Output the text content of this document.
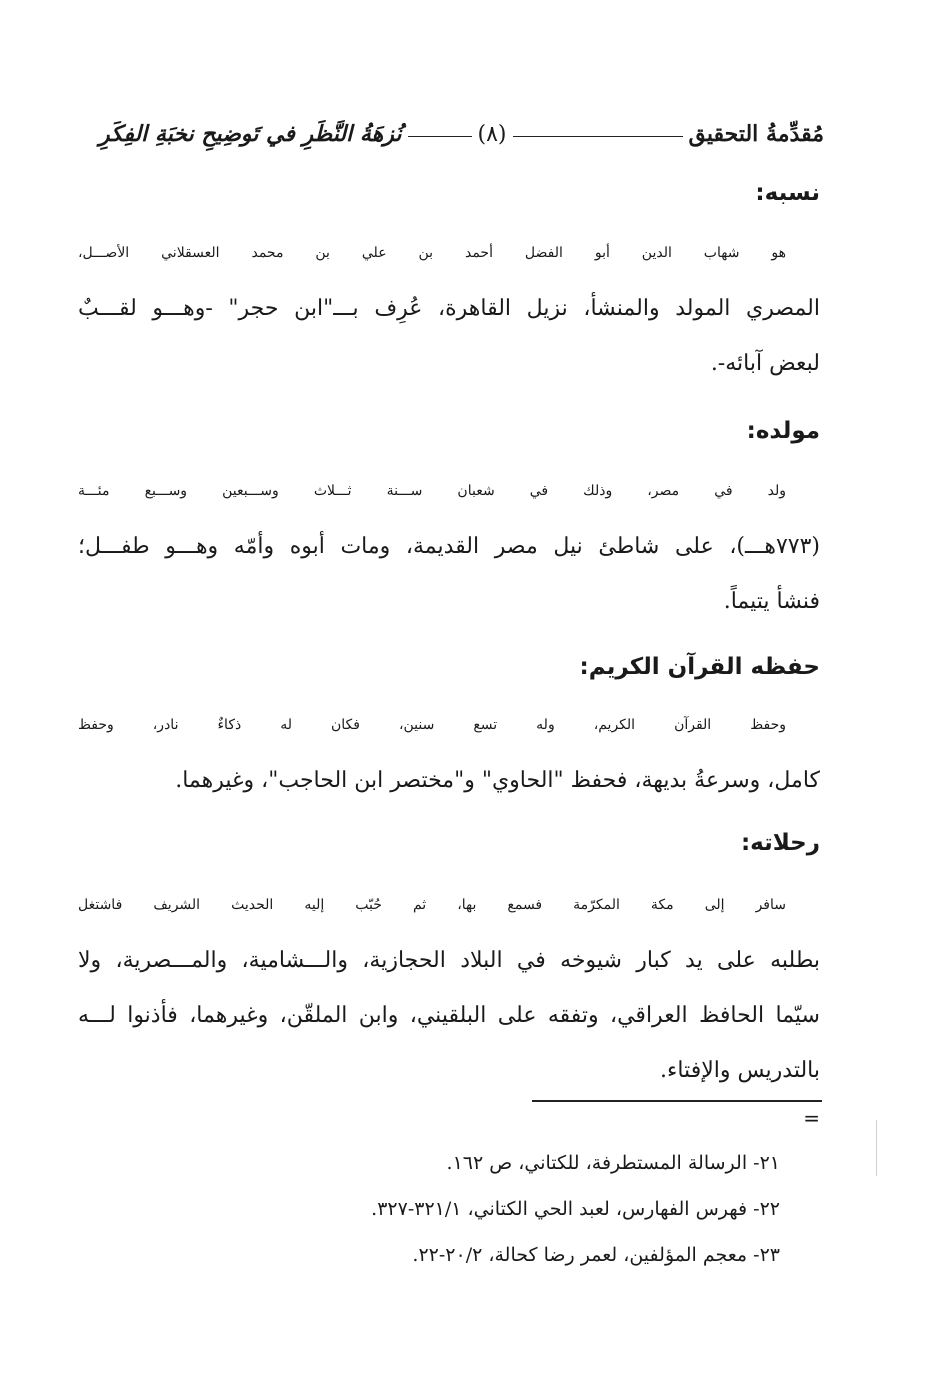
مُقدِّمةُ التحقيق
(٨)
نُزهَةُ النَّظَرِ في تَوضِيحِ نخبَةِ الفِكَرِ
نسبه:
هو شهاب الدين أبو الفضل أحمد بن علي بن محمد العسقلاني الأصـــل،
المصري المولد والمنشأ، نزيل القاهرة، عُرِف بـــ"ابن حجر" -وهـــو لقـــبٌ
لبعض آبائه-.
مولده:
ولد في مصر، وذلك في شعبان ســـنة ثـــلاث وســـبعين وســـبع مئـــة
(٧٧٣هـــ)، على شاطئ نيل مصر القديمة، ومات أبوه وأمّه وهـــو طفـــل؛
فنشأ يتيماً.
حفظه القرآن الكريم:
وحفظ القرآن الكريم، وله تسع سنين، فكان له ذكاءٌ نادر، وحفظ
كامل، وسرعةُ بديهة، فحفظ "الحاوي" و"مختصر ابن الحاجب"، وغيرهما.
رحلاته:
سافر إلى مكة المكرّمة فسمع بها، ثم حُبّب إليه الحديث الشريف فاشتغل
بطلبه على يد كبار شيوخه في البلاد الحجازية، والـــشامية، والمـــصرية، ولا
سيّما الحافظ العراقي، وتفقه على البلقيني، وابن الملقّن، وغيرهما، فأذنوا لـــه
بالتدريس والإفتاء.
=
٢١- الرسالة المستطرفة، للكتاني، ص ١٦٢.
٢٢- فهرس الفهارس، لعبد الحي الكتاني، ٣٢١/١-٣٢٧.
٢٣- معجم المؤلفين، لعمر رضا كحالة، ٢٠/٢-٢٢.
